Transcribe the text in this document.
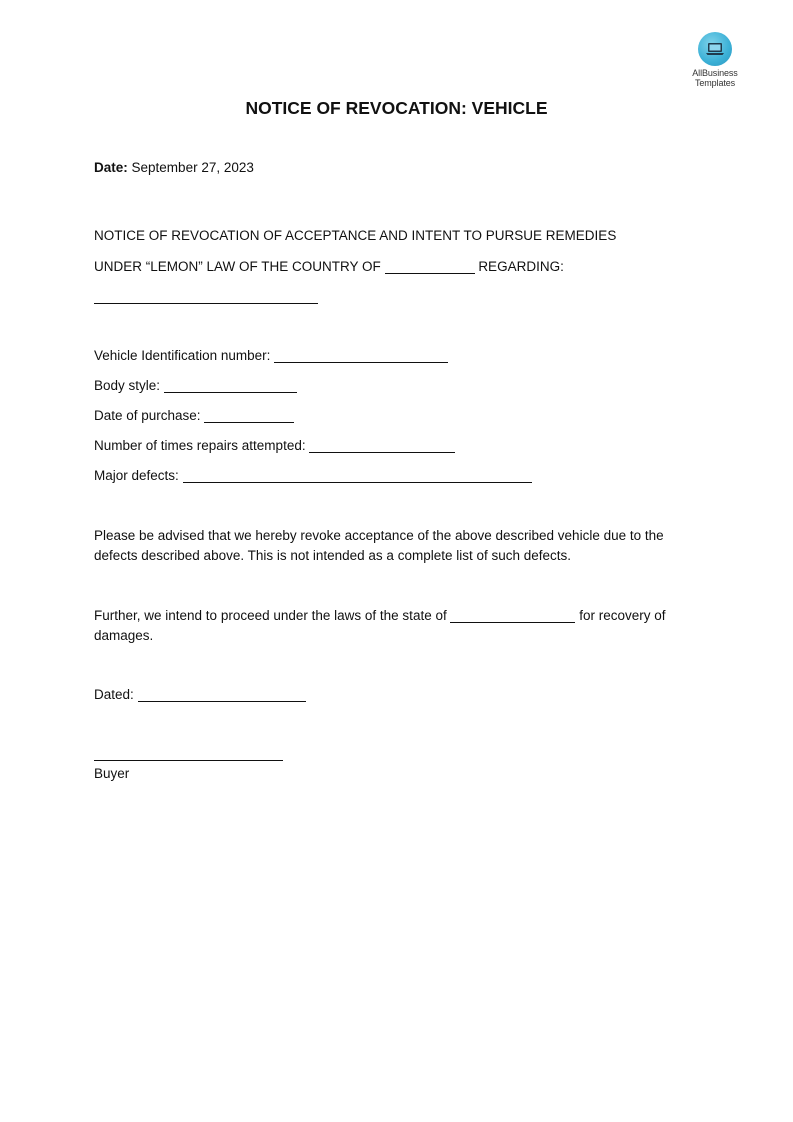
AllBusiness
Templates
NOTICE OF REVOCATION: VEHICLE
Date: September 27, 2023
NOTICE OF REVOCATION OF ACCEPTANCE AND INTENT TO PURSUE REMEDIES
UNDER “LEMON” LAW OF THE COUNTRY OF	REGARDING:
Vehicle Identification number:
Body style:
Date of purchase:
Number of times repairs attempted:
Major defects:
Please be advised that we hereby revoke acceptance of the above described vehicle due to the defects described above. This is not intended as a complete list of such defects.
Further, we intend to proceed under the laws of the state of	for recovery of damages.
Dated:
Buyer
